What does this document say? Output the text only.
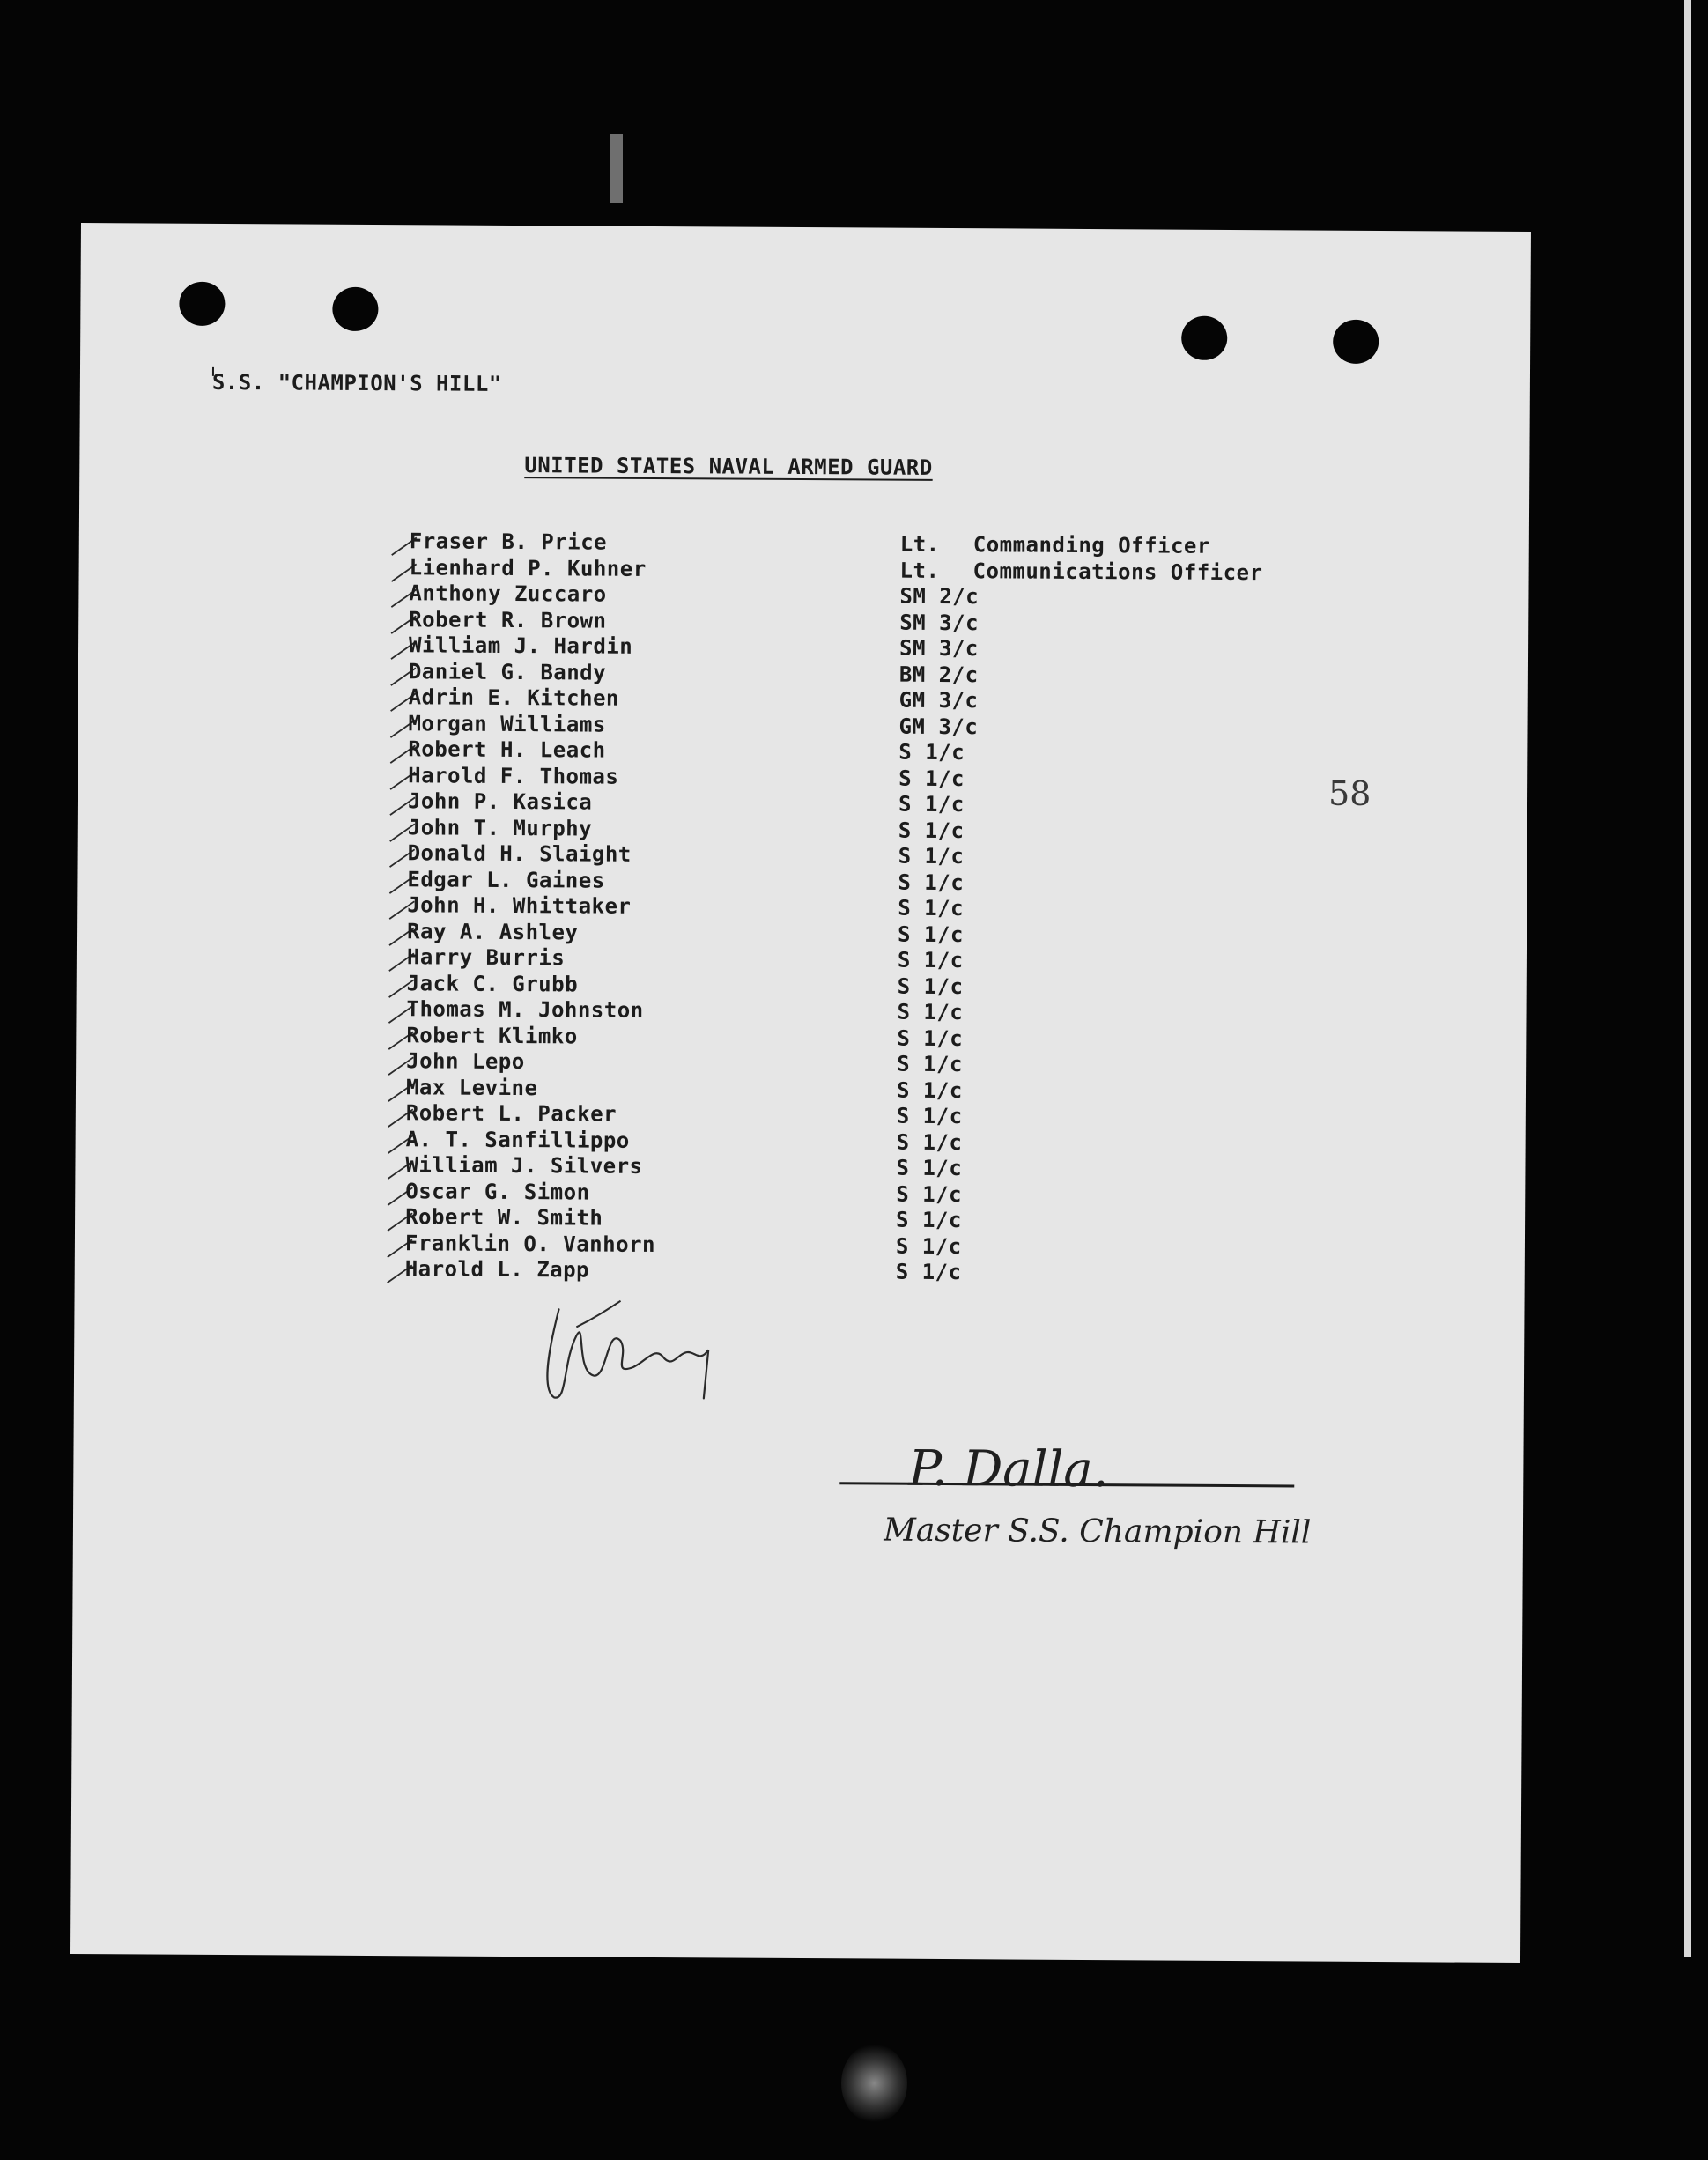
S.S. "CHAMPION'S HILL"
UNITED STATES NAVAL ARMED GUARD
Fraser B. Price	Lt. Commanding Officer
Lienhard P. Kuhner	Lt. Communications Officer
Anthony Zuccaro	SM 2/c
Robert R. Brown	SM 3/c
William J. Hardin	SM 3/c
Daniel G. Bandy	BM 2/c
Adrin E. Kitchen	GM 3/c
Morgan Williams	GM 3/c
Robert H. Leach	S 1/c
Harold F. Thomas	S 1/c
John P. Kasica	S 1/c
John T. Murphy	S 1/c
Donald H. Slaight	S 1/c
Edgar L. Gaines	S 1/c
John H. Whittaker	S 1/c
Ray A. Ashley	S 1/c
Harry Burris	S 1/c
Jack C. Grubb	S 1/c
Thomas M. Johnston	S 1/c
Robert Klimko	S 1/c
John Lepo	S 1/c
Max Levine	S 1/c
Robert L. Packer	S 1/c
A. T. Sanfillippo	S 1/c
William J. Silvers	S 1/c
Oscar G. Simon	S 1/c
Robert W. Smith	S 1/c
Franklin O. Vanhorn	S 1/c
Harold L. Zapp	S 1/c
58
P. Dalla.
Master S.S. Champion Hill
